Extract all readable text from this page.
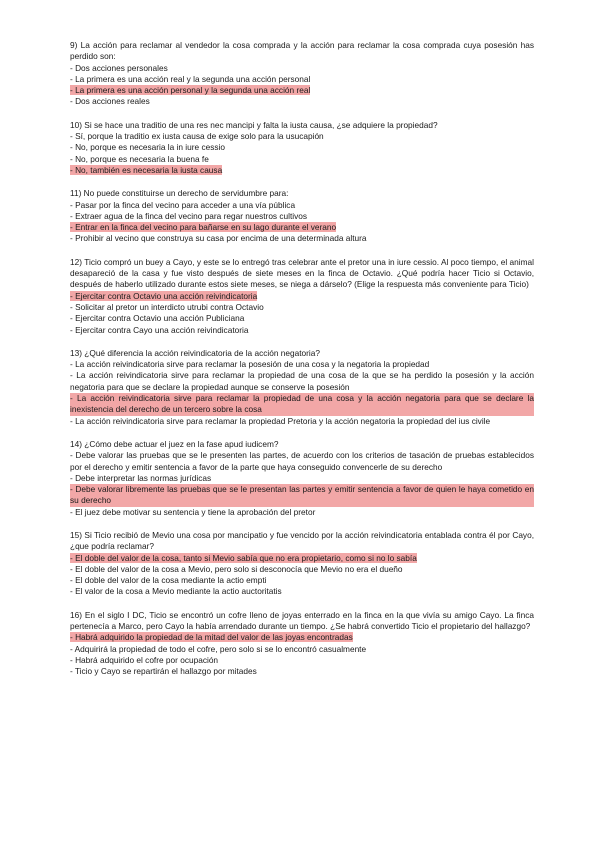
9) La acción para reclamar al vendedor la cosa comprada y la acción para reclamar la cosa comprada cuya posesión has perdido son:

- Dos acciones personales
- La primera es una acción real y la segunda una acción personal
- La primera es una acción personal y la segunda una acción real
- Dos acciones reales

10) Si se hace una traditio de una res nec mancipi y falta la iusta causa, ¿se adquiere la propiedad?

- Sí, porque la traditio ex iusta causa de exige solo para la usucapión
- No, porque es necesaria la in iure cessio
- No, porque es necesaria la buena fe
- No, también es necesaria la iusta causa

11) No puede constituirse un derecho de servidumbre para:

- Pasar por la finca del vecino para acceder a una vía pública
- Extraer agua de la finca del vecino para regar nuestros cultivos
- Entrar en la finca del vecino para bañarse en su lago durante el verano
- Prohibir al vecino que construya su casa por encima de una determinada altura

12) Ticio compró un buey a Cayo, y este se lo entregó tras celebrar ante el pretor una in iure cessio. Al poco tiempo, el animal desapareció de la casa y fue visto después de siete meses en la finca de Octavio. ¿Qué podría hacer Ticio si Octavio, después de haberlo utilizado durante estos siete meses, se niega a dárselo? (Elige la respuesta más conveniente para Ticio)

- Ejercitar contra Octavio una acción reivindicatoria
- Solicitar al pretor un interdicto utrubi contra Octavio
- Ejercitar contra Octavio una acción Publiciana
- Ejercitar contra Cayo una acción reivindicatoria

13) ¿Qué diferencia la acción reivindicatoria de la acción negatoria?

- La acción reivindicatoria sirve para reclamar la posesión de una cosa y la negatoria la propiedad
- La acción reivindicatoria sirve para reclamar la propiedad de una cosa de la que se ha perdido la posesión y la acción negatoria para que se declare la propiedad aunque se conserve la posesión
- La acción reivindicatoria sirve para reclamar la propiedad de una cosa y la acción negatoria para que se declare la inexistencia del derecho de un tercero sobre la cosa
- La acción reivindicatoria sirve para reclamar la propiedad Pretoria y la acción negatoria la propiedad del ius civile

14) ¿Cómo debe actuar el juez en la fase apud iudicem?

- Debe valorar las pruebas que se le presenten las partes, de acuerdo con los criterios de tasación de pruebas establecidos por el derecho y emitir sentencia a favor de la parte que haya conseguido convencerle de su derecho
- Debe interpretar las normas jurídicas
- Debe valorar libremente las pruebas que se le presentan las partes y emitir sentencia a favor de quien le haya cometido en su derecho
- El juez debe motivar su sentencia y tiene la aprobación del pretor

15) Si Ticio recibió de Mevio una cosa por mancipatio y fue vencido por la acción reivindicatoria entablada contra él por Cayo, ¿que podría reclamar?

- El doble del valor de la cosa, tanto si Mevio sabía que no era propietario, como si no lo sabía
- El doble del valor de la cosa a Mevio, pero solo si desconocía que Mevio no era el dueño
- El doble del valor de la cosa mediante la actio empti
- El valor de la cosa a Mevio mediante la actio auctoritatis

16) En el siglo I DC, Ticio se encontró un cofre lleno de joyas enterrado en la finca en la que vivía su amigo Cayo. La finca pertenecía a Marco, pero Cayo la había arrendado durante un tiempo. ¿Se habrá convertido Ticio el propietario del hallazgo?

- Habrá adquirido la propiedad de la mitad del valor de las joyas encontradas
- Adquirirá la propiedad de todo el cofre, pero solo si se lo encontró casualmente
- Habrá adquirido el cofre por ocupación
- Ticio y Cayo se repartirán el hallazgo por mitades
